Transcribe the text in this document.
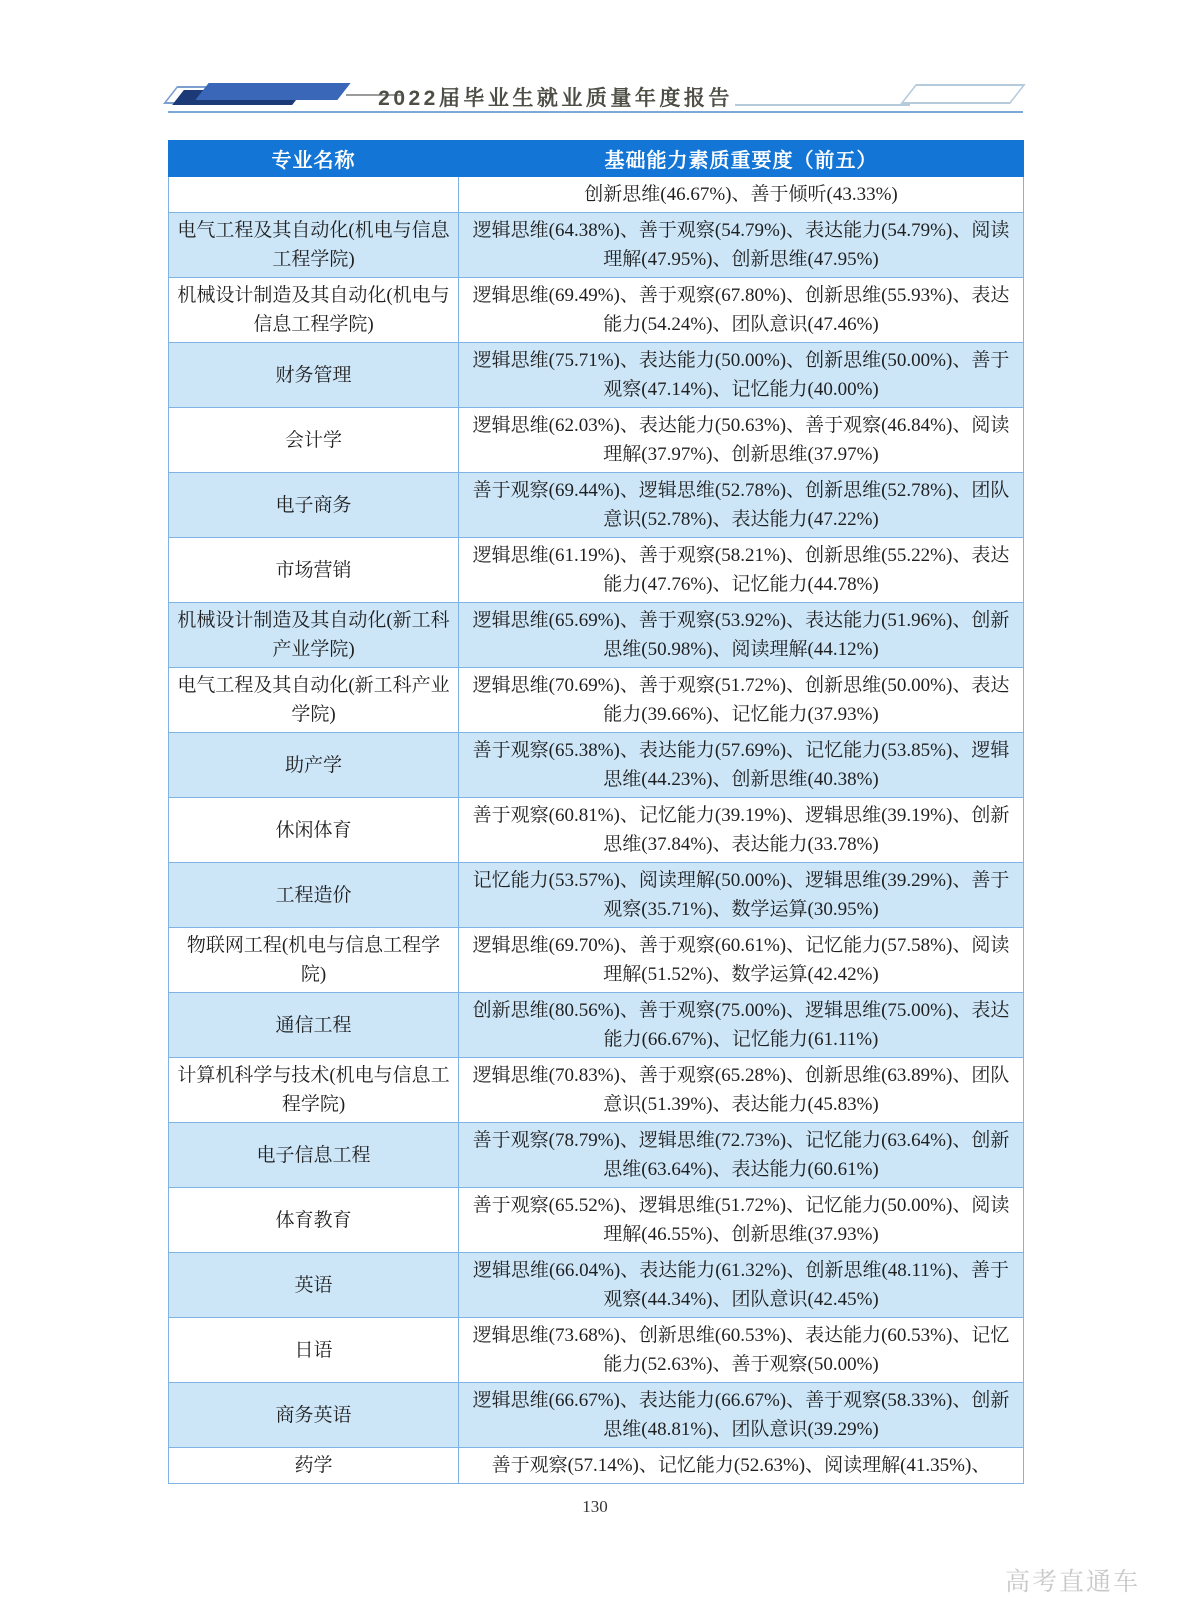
2022届毕业生就业质量年度报告
专业名称	基础能力素质重要度（前五）
	创新思维(46.67%)、善于倾听(43.33%)
电气工程及其自动化(机电与信息工程学院)	逻辑思维(64.38%)、善于观察(54.79%)、表达能力(54.79%)、阅读理解(47.95%)、创新思维(47.95%)
机械设计制造及其自动化(机电与信息工程学院)	逻辑思维(69.49%)、善于观察(67.80%)、创新思维(55.93%)、表达能力(54.24%)、团队意识(47.46%)
财务管理	逻辑思维(75.71%)、表达能力(50.00%)、创新思维(50.00%)、善于观察(47.14%)、记忆能力(40.00%)
会计学	逻辑思维(62.03%)、表达能力(50.63%)、善于观察(46.84%)、阅读理解(37.97%)、创新思维(37.97%)
电子商务	善于观察(69.44%)、逻辑思维(52.78%)、创新思维(52.78%)、团队意识(52.78%)、表达能力(47.22%)
市场营销	逻辑思维(61.19%)、善于观察(58.21%)、创新思维(55.22%)、表达能力(47.76%)、记忆能力(44.78%)
机械设计制造及其自动化(新工科产业学院)	逻辑思维(65.69%)、善于观察(53.92%)、表达能力(51.96%)、创新思维(50.98%)、阅读理解(44.12%)
电气工程及其自动化(新工科产业学院)	逻辑思维(70.69%)、善于观察(51.72%)、创新思维(50.00%)、表达能力(39.66%)、记忆能力(37.93%)
助产学	善于观察(65.38%)、表达能力(57.69%)、记忆能力(53.85%)、逻辑思维(44.23%)、创新思维(40.38%)
休闲体育	善于观察(60.81%)、记忆能力(39.19%)、逻辑思维(39.19%)、创新思维(37.84%)、表达能力(33.78%)
工程造价	记忆能力(53.57%)、阅读理解(50.00%)、逻辑思维(39.29%)、善于观察(35.71%)、数学运算(30.95%)
物联网工程(机电与信息工程学院)	逻辑思维(69.70%)、善于观察(60.61%)、记忆能力(57.58%)、阅读理解(51.52%)、数学运算(42.42%)
通信工程	创新思维(80.56%)、善于观察(75.00%)、逻辑思维(75.00%)、表达能力(66.67%)、记忆能力(61.11%)
计算机科学与技术(机电与信息工程学院)	逻辑思维(70.83%)、善于观察(65.28%)、创新思维(63.89%)、团队意识(51.39%)、表达能力(45.83%)
电子信息工程	善于观察(78.79%)、逻辑思维(72.73%)、记忆能力(63.64%)、创新思维(63.64%)、表达能力(60.61%)
体育教育	善于观察(65.52%)、逻辑思维(51.72%)、记忆能力(50.00%)、阅读理解(46.55%)、创新思维(37.93%)
英语	逻辑思维(66.04%)、表达能力(61.32%)、创新思维(48.11%)、善于观察(44.34%)、团队意识(42.45%)
日语	逻辑思维(73.68%)、创新思维(60.53%)、表达能力(60.53%)、记忆能力(52.63%)、善于观察(50.00%)
商务英语	逻辑思维(66.67%)、表达能力(66.67%)、善于观察(58.33%)、创新思维(48.81%)、团队意识(39.29%)
药学	善于观察(57.14%)、记忆能力(52.63%)、阅读理解(41.35%)、
130
高考直通车
